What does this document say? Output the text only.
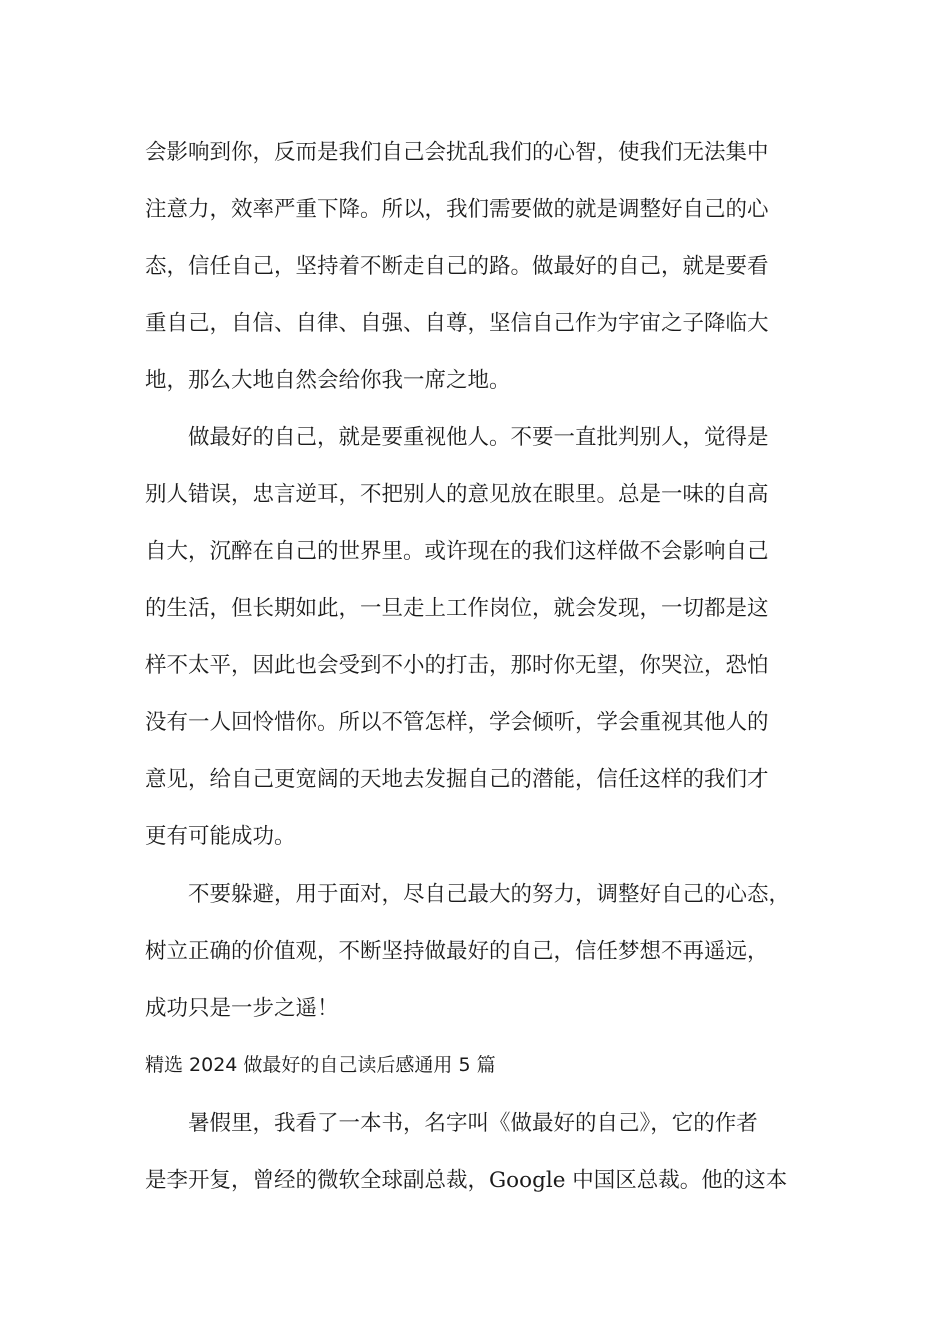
会影响到你，反而是我们自己会扰乱我们的心智，使我们无法集中
注意力，效率严重下降。所以，我们需要做的就是调整好自己的心
态，信任自己，坚持着不断走自己的路。做最好的自己，就是要看
重自己，自信、自律、自强、自尊，坚信自己作为宇宙之子降临大
地，那么大地自然会给你我一席之地。
　　做最好的自己，就是要重视他人。不要一直批判别人，觉得是
别人错误，忠言逆耳，不把别人的意见放在眼里。总是一味的自高
自大，沉醉在自己的世界里。或许现在的我们这样做不会影响自己
的生活，但长期如此，一旦走上工作岗位，就会发现，一切都是这
样不太平，因此也会受到不小的打击，那时你无望，你哭泣，恐怕
没有一人回怜惜你。所以不管怎样，学会倾听，学会重视其他人的
意见，给自己更宽阔的天地去发掘自己的潜能，信任这样的我们才
更有可能成功。
　　不要躲避，用于面对，尽自己最大的努力，调整好自己的心态，
树立正确的价值观，不断坚持做最好的自己，信任梦想不再遥远，
成功只是一步之遥！
精选 2024 做最好的自己读后感通用 5 篇
　　暑假里，我看了一本书，名字叫《做最好的自己》，它的作者
是李开复，曾经的微软全球副总裁，Google 中国区总裁。他的这本
